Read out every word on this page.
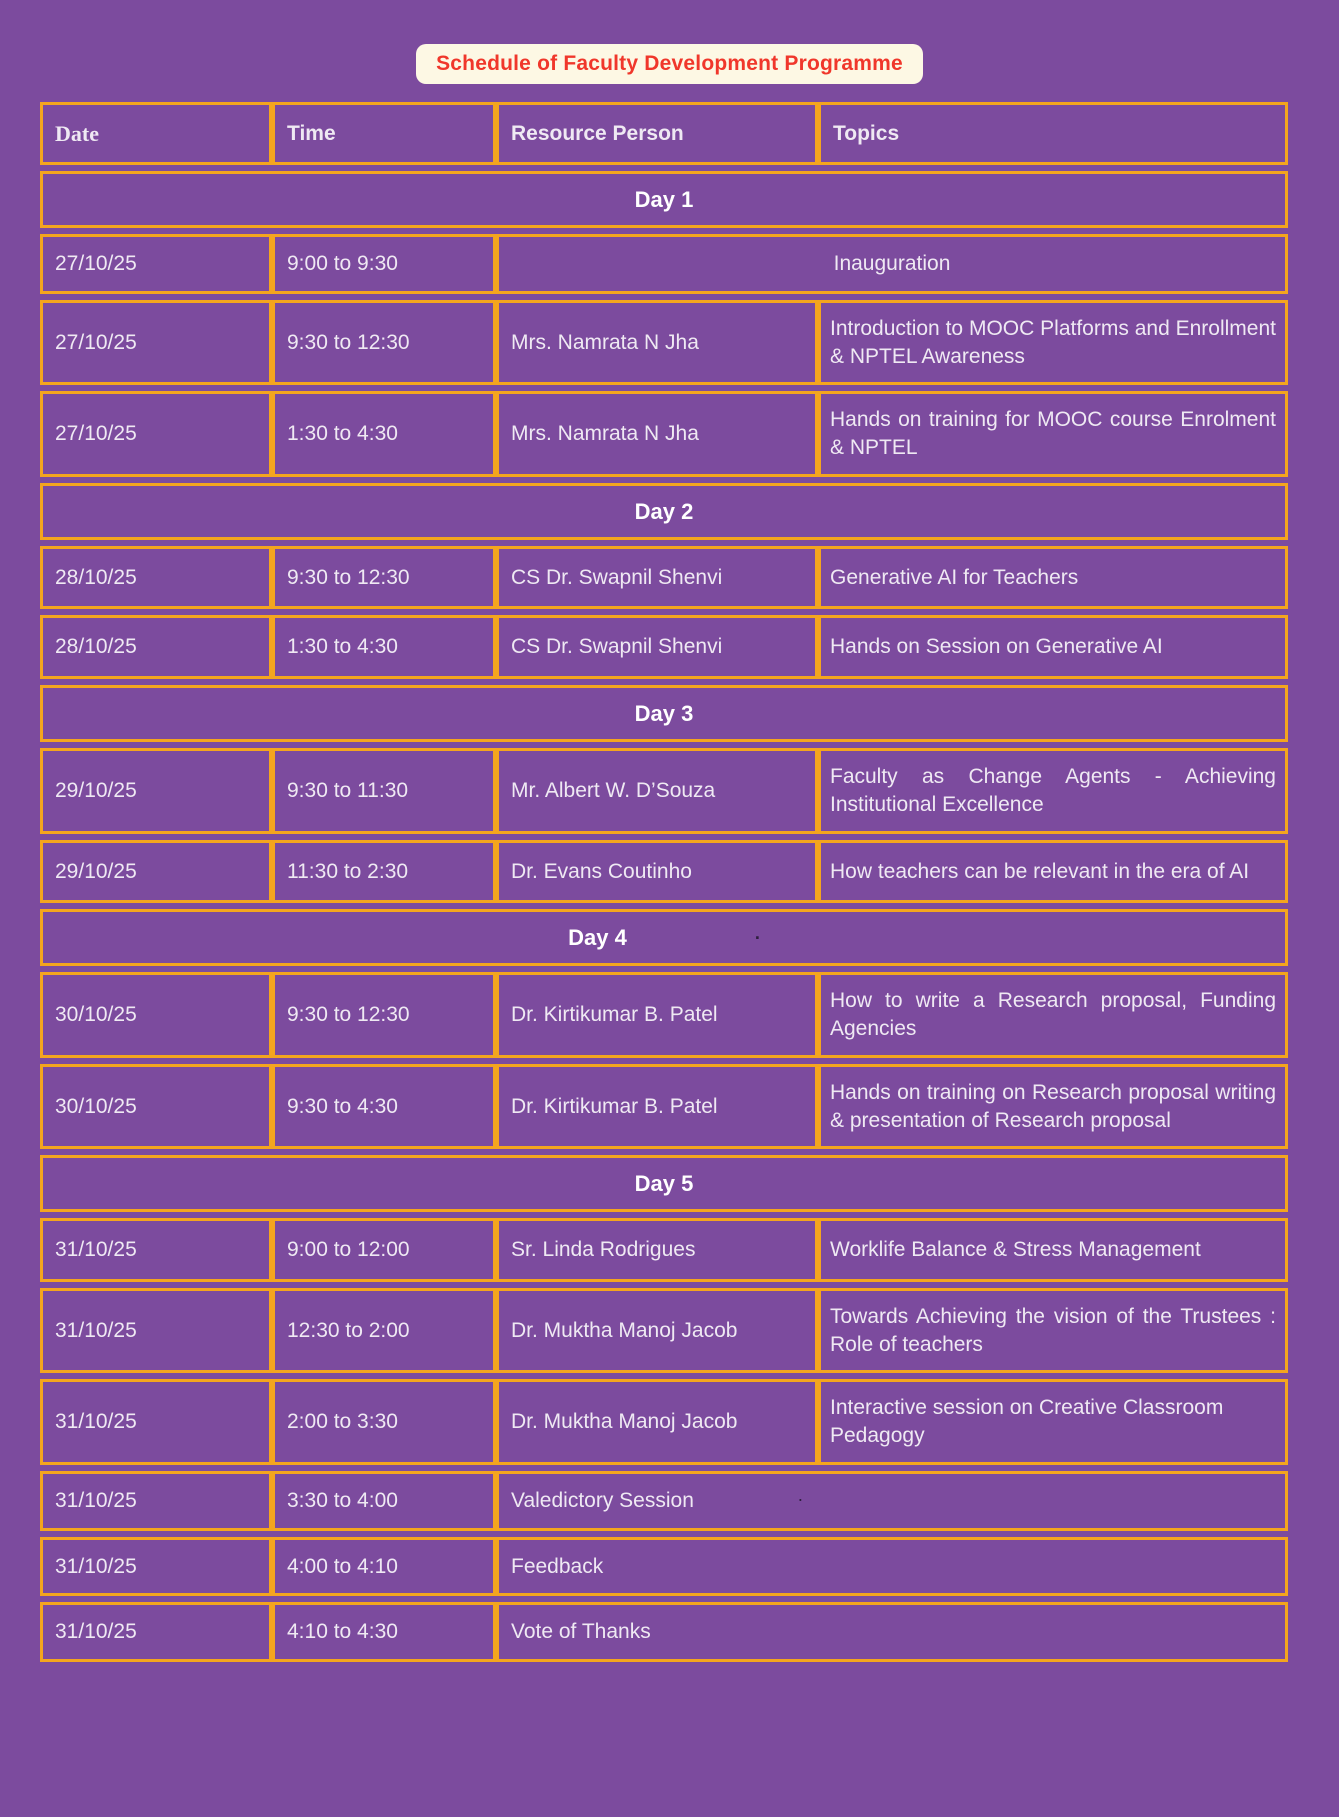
Schedule of Faculty Development Programme
Date	Time	Resource Person	Topics
Day 1			
27/10/25	9:00 to 9:30	Inauguration	
27/10/25	9:30 to 12:30	Mrs. Namrata N Jha	Introduction to MOOC Platforms and Enrollment & NPTEL Awareness
27/10/25	1:30 to 4:30	Mrs. Namrata N Jha	Hands on training for MOOC course Enrolment & NPTEL
Day 2			
28/10/25	9:30 to 12:30	CS Dr. Swapnil Shenvi	Generative AI for Teachers
28/10/25	1:30 to 4:30	CS Dr. Swapnil Shenvi	Hands on Session on Generative AI
Day 3			
29/10/25	9:30 to 11:30	Mr. Albert W. D’Souza	Faculty as Change Agents - Achieving Institutional Excellence
29/10/25	11:30 to 2:30	Dr. Evans Coutinho	How teachers can be relevant in the era of AI
Day 4 .			
30/10/25	9:30 to 12:30	Dr. Kirtikumar B. Patel	How to write a Research proposal, Funding Agencies
30/10/25	9:30 to 4:30	Dr. Kirtikumar B. Patel	Hands on training on Research proposal writing & presentation of Research proposal
Day 5			
31/10/25	9:00 to 12:00	Sr. Linda Rodrigues	Worklife Balance & Stress Management
31/10/25	12:30 to 2:00	Dr. Muktha Manoj Jacob	Towards Achieving the vision of the Trustees : Role of teachers
31/10/25	2:00 to 3:30	Dr. Muktha Manoj Jacob	Interactive session on Creative Classroom Pedagogy
31/10/25	3:30 to 4:00	Valedictory Session .	
31/10/25	4:00 to 4:10	Feedback	
31/10/25	4:10 to 4:30	Vote of Thanks	
